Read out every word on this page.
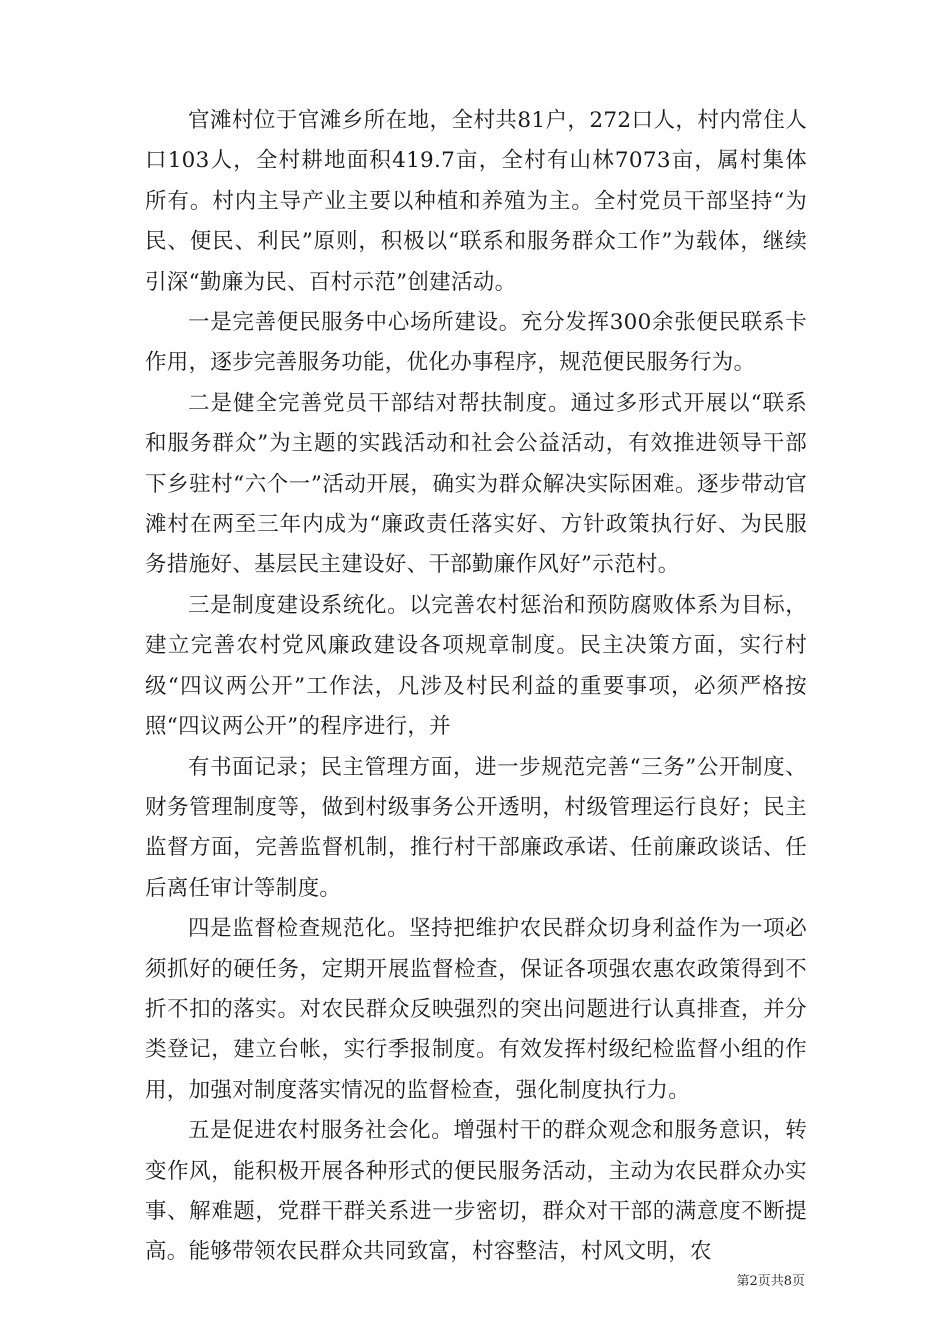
官滩村位于官滩乡所在地，全村共81户，272口人，村内常住人口103人，全村耕地面积419.7亩，全村有山林7073亩，属村集体所有。村内主导产业主要以种植和养殖为主。全村党员干部坚持“为民、便民、利民”原则，积极以“联系和服务群众工作”为载体，继续引深“勤廉为民、百村示范”创建活动。

一是完善便民服务中心场所建设。充分发挥300余张便民联系卡作用，逐步完善服务功能，优化办事程序，规范便民服务行为。

二是健全完善党员干部结对帮扶制度。通过多形式开展以“联系和服务群众”为主题的实践活动和社会公益活动，有效推进领导干部下乡驻村“六个一”活动开展，确实为群众解决实际困难。逐步带动官滩村在两至三年内成为“廉政责任落实好、方针政策执行好、为民服务措施好、基层民主建设好、干部勤廉作风好”示范村。

三是制度建设系统化。以完善农村惩治和预防腐败体系为目标，建立完善农村党风廉政建设各项规章制度。民主决策方面，实行村级“四议两公开”工作法，凡涉及村民利益的重要事项，必须严格按照“四议两公开”的程序进行，并

有书面记录；民主管理方面，进一步规范完善“三务”公开制度、财务管理制度等，做到村级事务公开透明，村级管理运行良好；民主监督方面，完善监督机制，推行村干部廉政承诺、任前廉政谈话、任后离任审计等制度。

四是监督检查规范化。坚持把维护农民群众切身利益作为一项必须抓好的硬任务，定期开展监督检查，保证各项强农惠农政策得到不折不扣的落实。对农民群众反映强烈的突出问题进行认真排查，并分类登记，建立台帐，实行季报制度。有效发挥村级纪检监督小组的作用，加强对制度落实情况的监督检查，强化制度执行力。

五是促进农村服务社会化。增强村干的群众观念和服务意识，转变作风，能积极开展各种形式的便民服务活动，主动为农民群众办实事、解难题，党群干群关系进一步密切，群众对干部的满意度不断提高。能够带领农民群众共同致富，村容整洁，村风文明，农

第2页共8页
